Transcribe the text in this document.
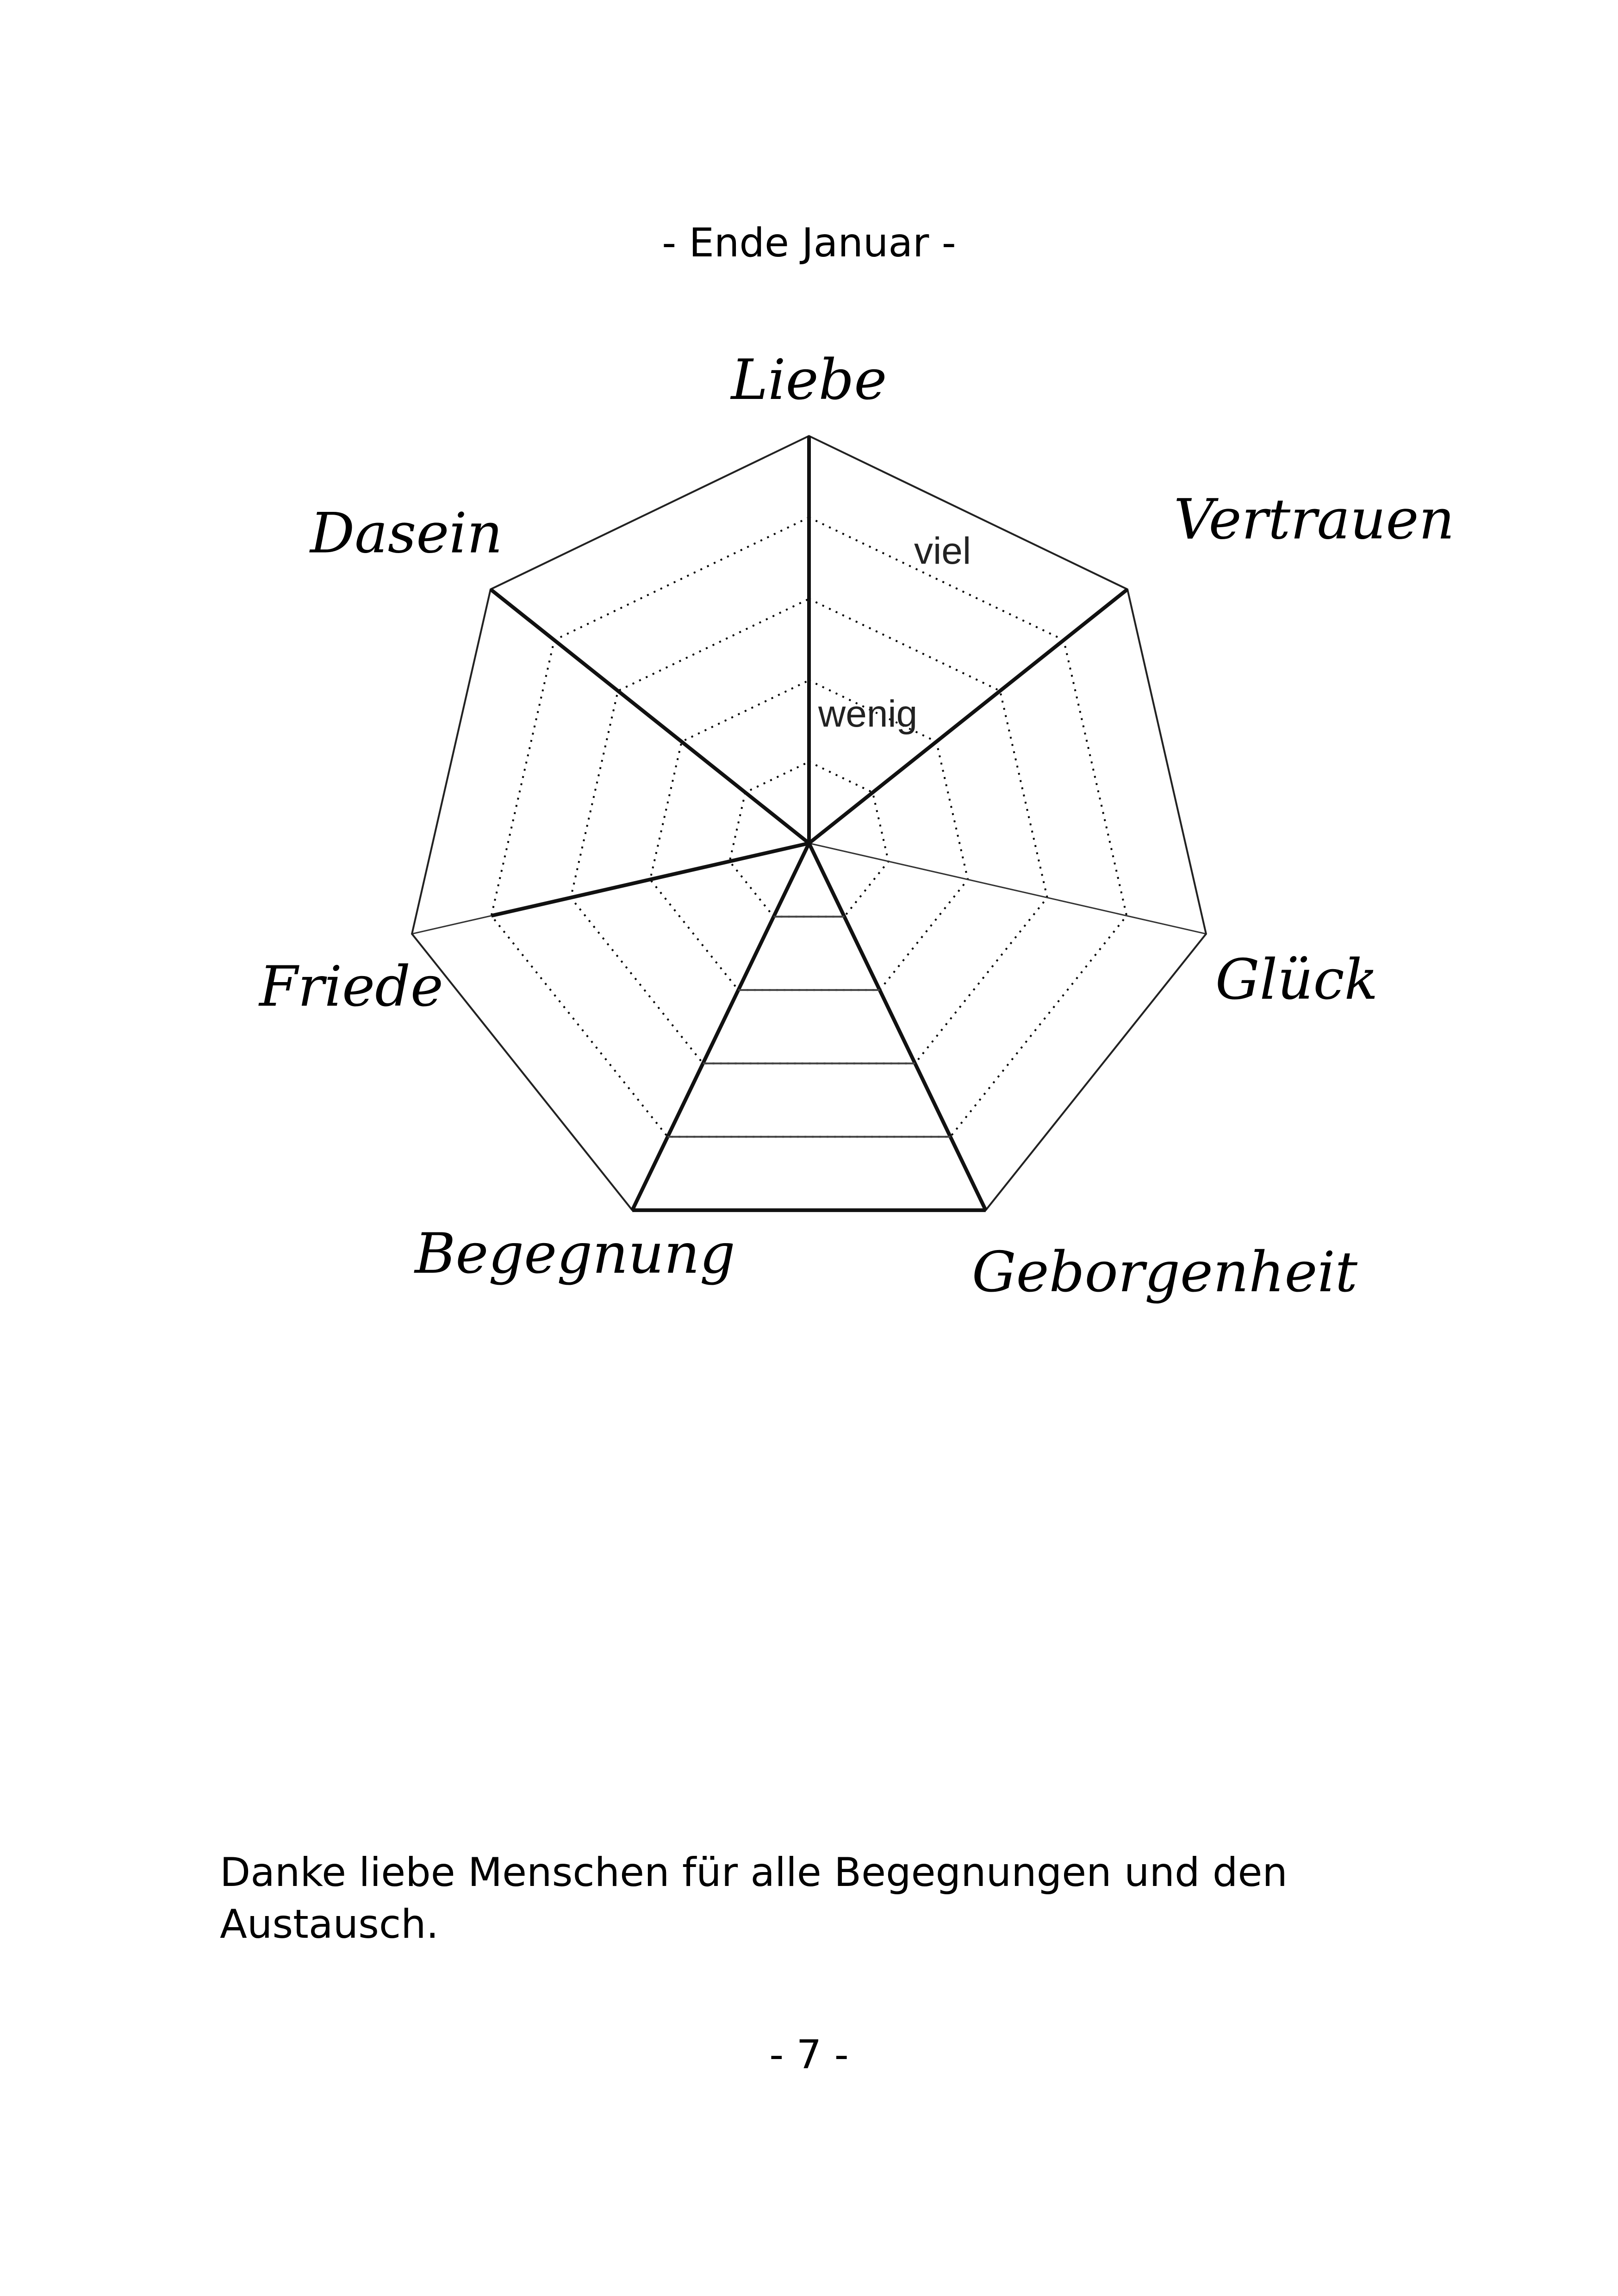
- Ende Januar -
Liebe
Vertrauen
Glück
Geborgenheit
Begegnung
Friede
Dasein	viel
wenig
Danke liebe Menschen für alle Begegnungen und den Austausch.
- 7 -
